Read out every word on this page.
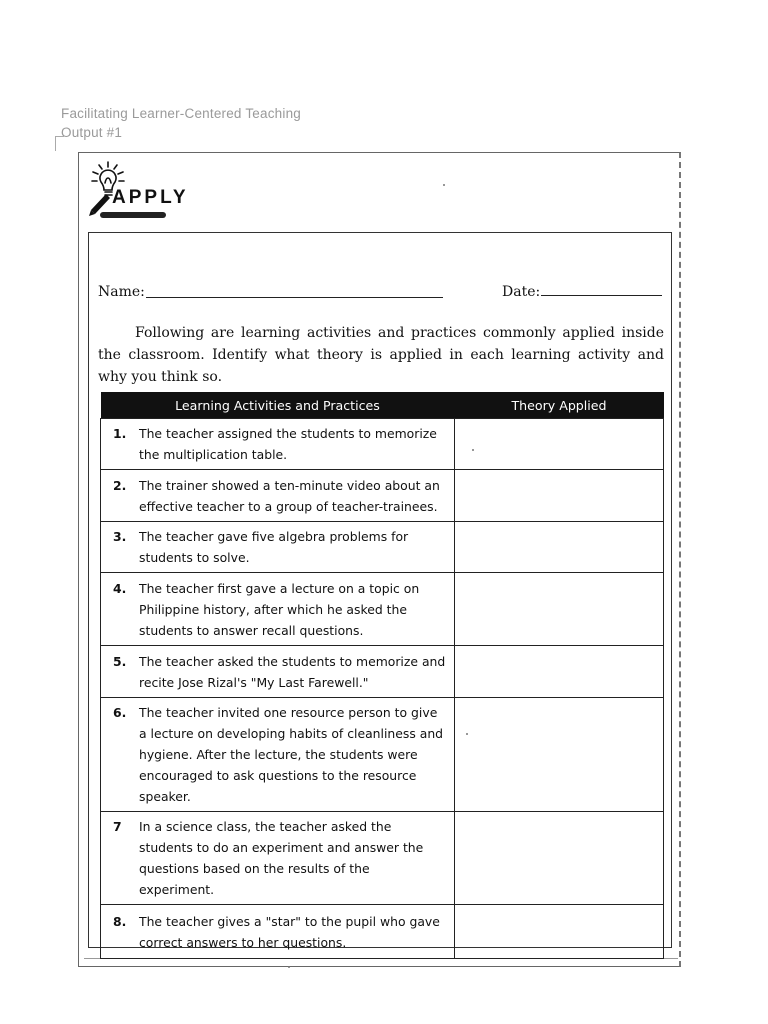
Facilitating Learner-Centered Teaching
Output #1
APPLY
Name:	Date:
Following are learning activities and practices commonly applied inside the classroom. Identify what theory is applied in each learning activity and why you think so.
Learning Activities and Practices	Theory Applied

1. The teacher assigned the students to memorize the multiplication table.	

2. The trainer showed a ten-minute video about an effective teacher to a group of teacher-trainees.	

3. The teacher gave five algebra problems for students to solve.	

4. The teacher first gave a lecture on a topic on Philippine history, after which he asked the students to answer recall questions.	

5. The teacher asked the students to memorize and recite Jose Rizal's "My Last Farewell."	

6. The teacher invited one resource person to give a lecture on developing habits of cleanliness and hygiene. After the lecture, the students were encouraged to ask questions to the resource speaker.	

7 In a science class, the teacher asked the students to do an experiment and answer the questions based on the results of the experiment.	

8. The teacher gives a "star" to the pupil who gave correct answers to her questions.	
